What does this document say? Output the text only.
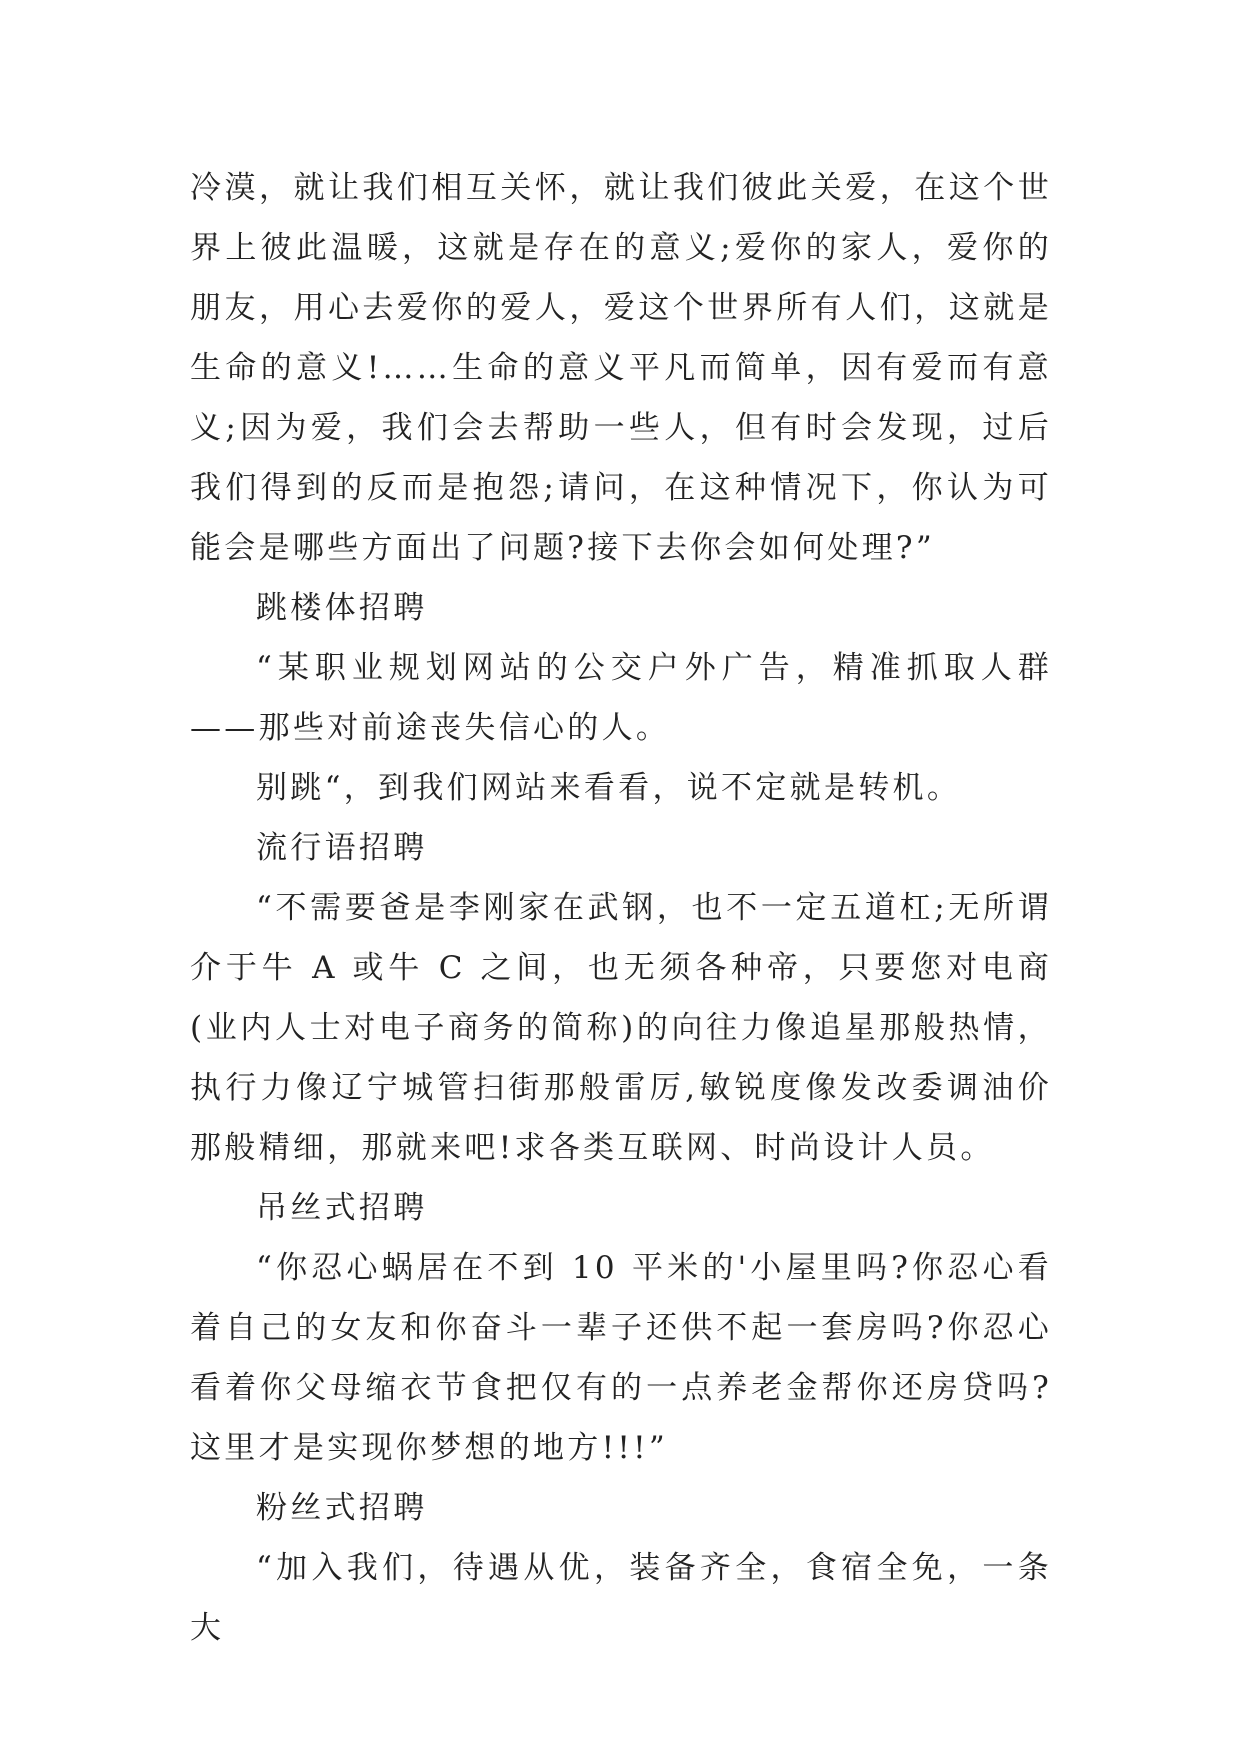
冷漠，就让我们相互关怀，就让我们彼此关爱，在这个世界上彼此温暖，这就是存在的意义;爱你的家人，爱你的朋友，用心去爱你的爱人，爱这个世界所有人们，这就是生命的意义!……生命的意义平凡而简单，因有爱而有意义;因为爱，我们会去帮助一些人，但有时会发现，过后我们得到的反而是抱怨;请问，在这种情况下，你认为可能会是哪些方面出了问题?接下去你会如何处理?”

跳楼体招聘

“某职业规划网站的公交户外广告，精准抓取人群——那些对前途丧失信心的人。

别跳“，到我们网站来看看，说不定就是转机。

流行语招聘

“不需要爸是李刚家在武钢，也不一定五道杠;无所谓介于牛 A 或牛 C 之间，也无须各种帝，只要您对电商(业内人士对电子商务的简称)的向往力像追星那般热情，执行力像辽宁城管扫街那般雷厉,敏锐度像发改委调油价那般精细，那就来吧!求各类互联网、时尚设计人员。

吊丝式招聘

“你忍心蜗居在不到 10 平米的'小屋里吗?你忍心看着自己的女友和你奋斗一辈子还供不起一套房吗?你忍心看着你父母缩衣节食把仅有的一点养老金帮你还房贷吗?这里才是实现你梦想的地方!!!”

粉丝式招聘

“加入我们，待遇从优，装备齐全，食宿全免，一条大
